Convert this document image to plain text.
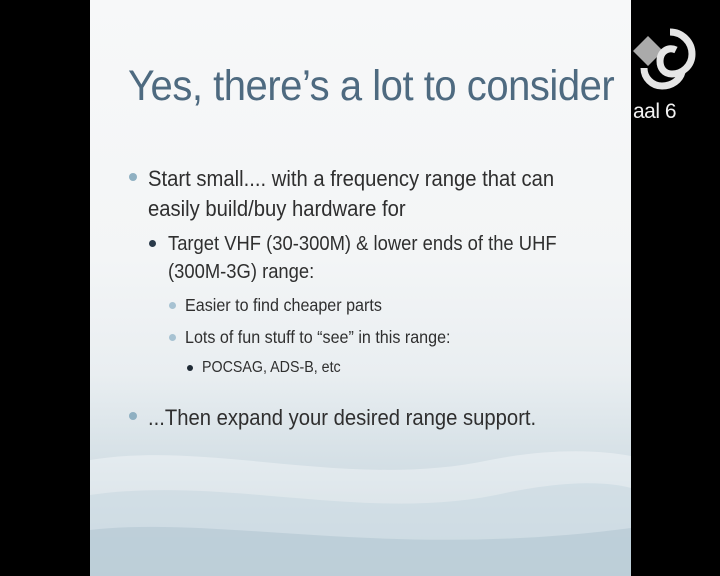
Yes, there’s a lot to consider
Start small.... with a frequency range that can
easily build/buy hardware for
Target VHF (30-300M) & lower ends of the UHF
(300M-3G) range:
Easier to find cheaper parts
Lots of fun stuff to “see” in this range:
POCSAG, ADS-B, etc
...Then expand your desired range support.
aal 6
